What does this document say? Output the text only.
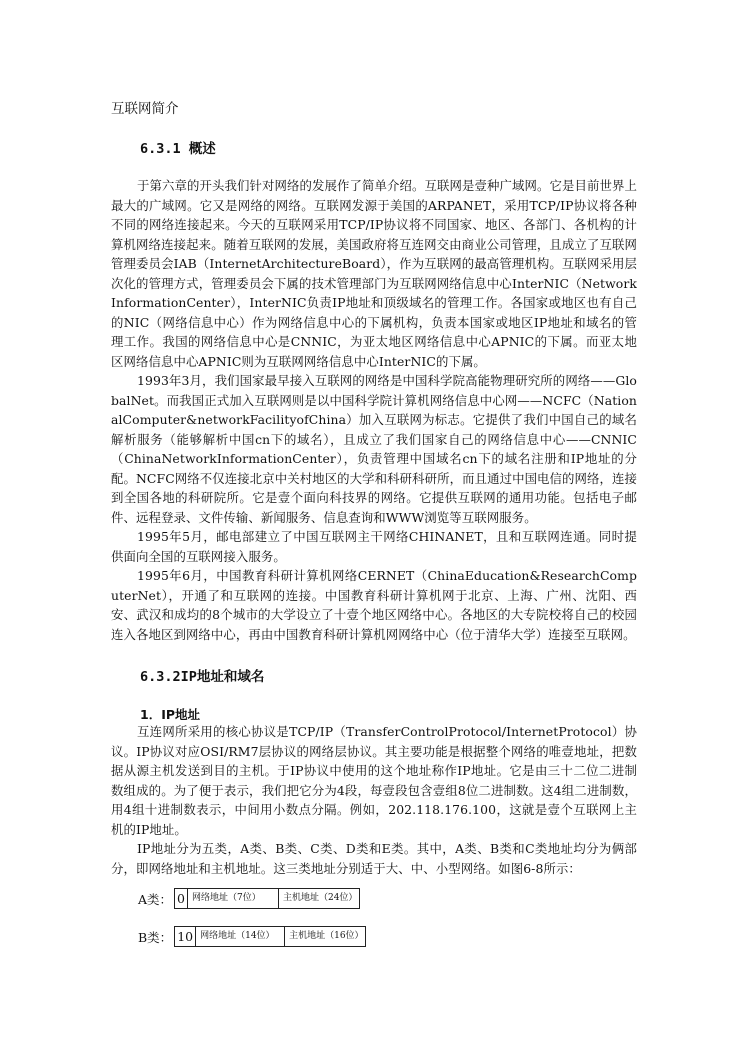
互联网简介
6.3.1 概述

于第六章的开头我们针对网络的发展作了简单介绍。互联网是壹种广域网。它是目前世界上最大的广域网。它又是网络的网络。互联网发源于美国的ARPANET，采用TCP/IP协议将各种不同的网络连接起来。今天的互联网采用TCP/IP协议将不同国家、地区、各部门、各机构的计算机网络连接起来。随着互联网的发展，美国政府将互连网交由商业公司管理，且成立了互联网管理委员会IAB（InternetArchitectureBoard），作为互联网的最高管理机构。互联网采用层次化的管理方式，管理委员会下属的技术管理部门为互联网网络信息中心InterNIC（NetworkInformationCenter），InterNIC负责IP地址和顶级域名的管理工作。各国家或地区也有自己的NIC（网络信息中心）作为网络信息中心的下属机构，负责本国家或地区IP地址和域名的管理工作。我国的网络信息中心是CNNIC，为亚太地区网络信息中心APNIC的下属。而亚太地区网络信息中心APNIC则为互联网网络信息中心InterNIC的下属。

1993年3月，我们国家最早接入互联网的网络是中国科学院高能物理研究所的网络——GlobalNet。而我国正式加入互联网则是以中国科学院计算机网络信息中心网——NCFC（NationalComputer&networkFacilityofChina）加入互联网为标志。它提供了我们中国自己的域名解析服务（能够解析中国cn下的域名），且成立了我们国家自己的网络信息中心——CNNIC（ChinaNetworkInformationCenter），负责管理中国域名cn下的域名注册和IP地址的分配。NCFC网络不仅连接北京中关村地区的大学和科研科研所，而且通过中国电信的网络，连接到全国各地的科研院所。它是壹个面向科技界的网络。它提供互联网的通用功能。包括电子邮件、远程登录、文件传输、新闻服务、信息查询和WWW浏览等互联网服务。

1995年5月，邮电部建立了中国互联网主干网络CHINANET，且和互联网连通。同时提供面向全国的互联网接入服务。

1995年6月，中国教育科研计算机网络CERNET（ChinaEducation&ResearchComputerNet），开通了和互联网的连接。中国教育科研计算机网于北京、上海、广州、沈阳、西安、武汉和成均的8个城市的大学设立了十壹个地区网络中心。各地区的大专院校将自己的校园连入各地区到网络中心，再由中国教育科研计算机网网络中心（位于清华大学）连接至互联网。

6.3.2IP地址和域名
1．IP地址

互连网所采用的核心协议是TCP/IP（TransferControlProtocol/InternetProtocol）协议。IP协议对应OSI/RM7层协议的网络层协议。其主要功能是根据整个网络的唯壹地址，把数据从源主机发送到目的主机。于IP协议中使用的这个地址称作IP地址。它是由三十二位二进制数组成的。为了便于表示，我们把它分为4段，每壹段包含壹组8位二进制数。这4组二进制数，用4组十进制数表示，中间用小数点分隔。例如，202.118.176.100，这就是壹个互联网上主机的IP地址。

IP地址分为五类，A类、B类、C类、D类和E类。其中，A类、B类和C类地址均分为俩部分，即网络地址和主机地址。这三类地址分别适于大、中、小型网络。如图6-8所示：

A类： 0 网络地址（7位）	主机地址（24位）
B类： 10 网络地址（14位）	主机地址（16位）
